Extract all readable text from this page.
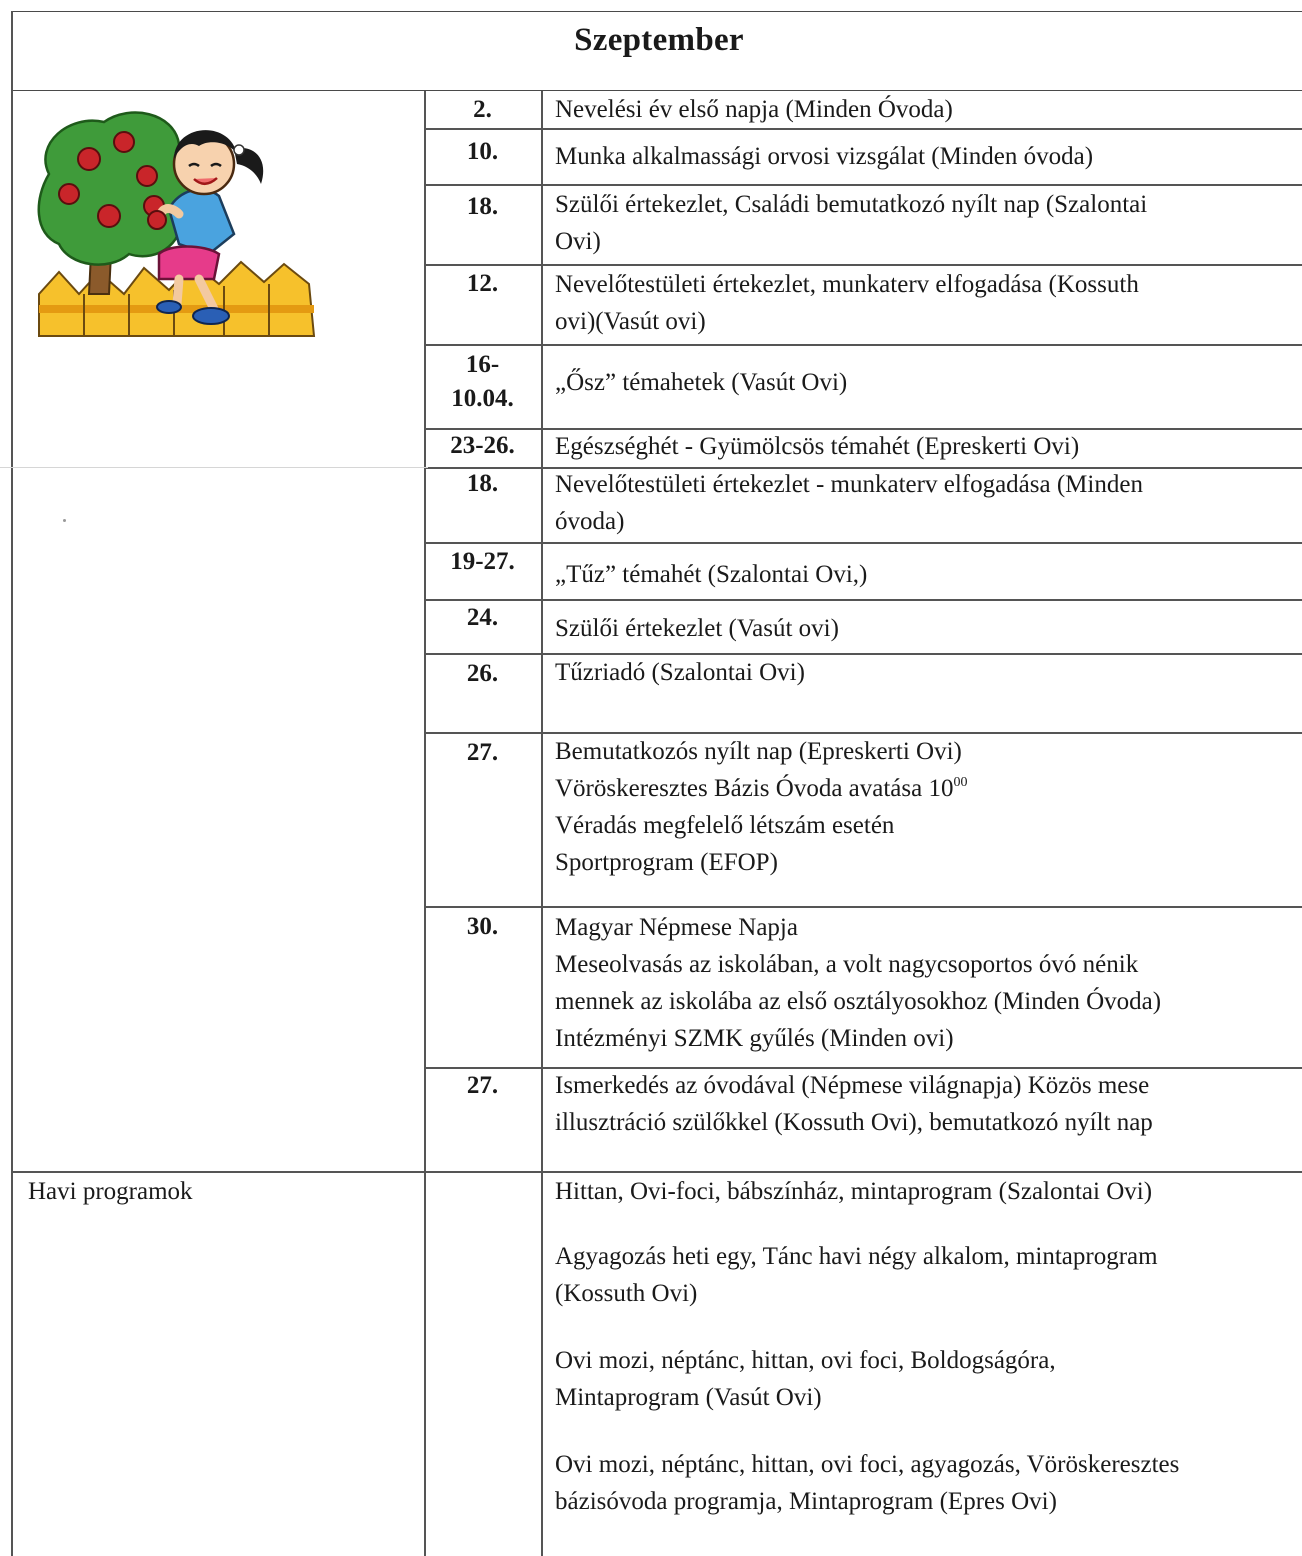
Szeptember
2.
10.
18.
12.
16-
10.04.
23-26.
18.
19-27.
24.
26.
27.
30.
27.
Nevelési év első napja (Minden Óvoda)
Munka alkalmassági orvosi vizsgálat (Minden óvoda)
Szülői értekezlet, Családi bemutatkozó nyílt nap (Szalontai
Ovi)
Nevelőtestületi értekezlet, munkaterv elfogadása (Kossuth
ovi)(Vasút ovi)
„Ősz” témahetek (Vasút Ovi)
Egészséghét - Gyümölcsös témahét (Epreskerti Ovi)
Nevelőtestületi értekezlet - munkaterv elfogadása (Minden
óvoda)
„Tűz” témahét (Szalontai Ovi,)
Szülői értekezlet (Vasút ovi)
Tűzriadó (Szalontai Ovi)
Bemutatkozós nyílt nap (Epreskerti Ovi)
Vöröskeresztes Bázis Óvoda avatása $10^{00}$
Véradás megfelelő létszám esetén
Sportprogram (EFOP)
Magyar Népmese Napja
Meseolvasás az iskolában, a volt nagycsoportos óvó nénik
mennek az iskolába az első osztályosokhoz (Minden Óvoda)
Intézményi SZMK gyűlés (Minden ovi)
Ismerkedés az óvodával (Népmese világnapja) Közös mese
illusztráció szülőkkel (Kossuth Ovi), bemutatkozó nyílt nap
Havi programok	Hittan, Ovi-foci, bábszínház, mintaprogram (Szalontai Ovi)
Agyagozás heti egy, Tánc havi négy alkalom, mintaprogram
(Kossuth Ovi)
Ovi mozi, néptánc, hittan, ovi foci, Boldogságóra,
Mintaprogram (Vasút Ovi)
Ovi mozi, néptánc, hittan, ovi foci, agyagozás, Vöröskeresztes
bázisóvoda programja, Mintaprogram (Epres Ovi)
